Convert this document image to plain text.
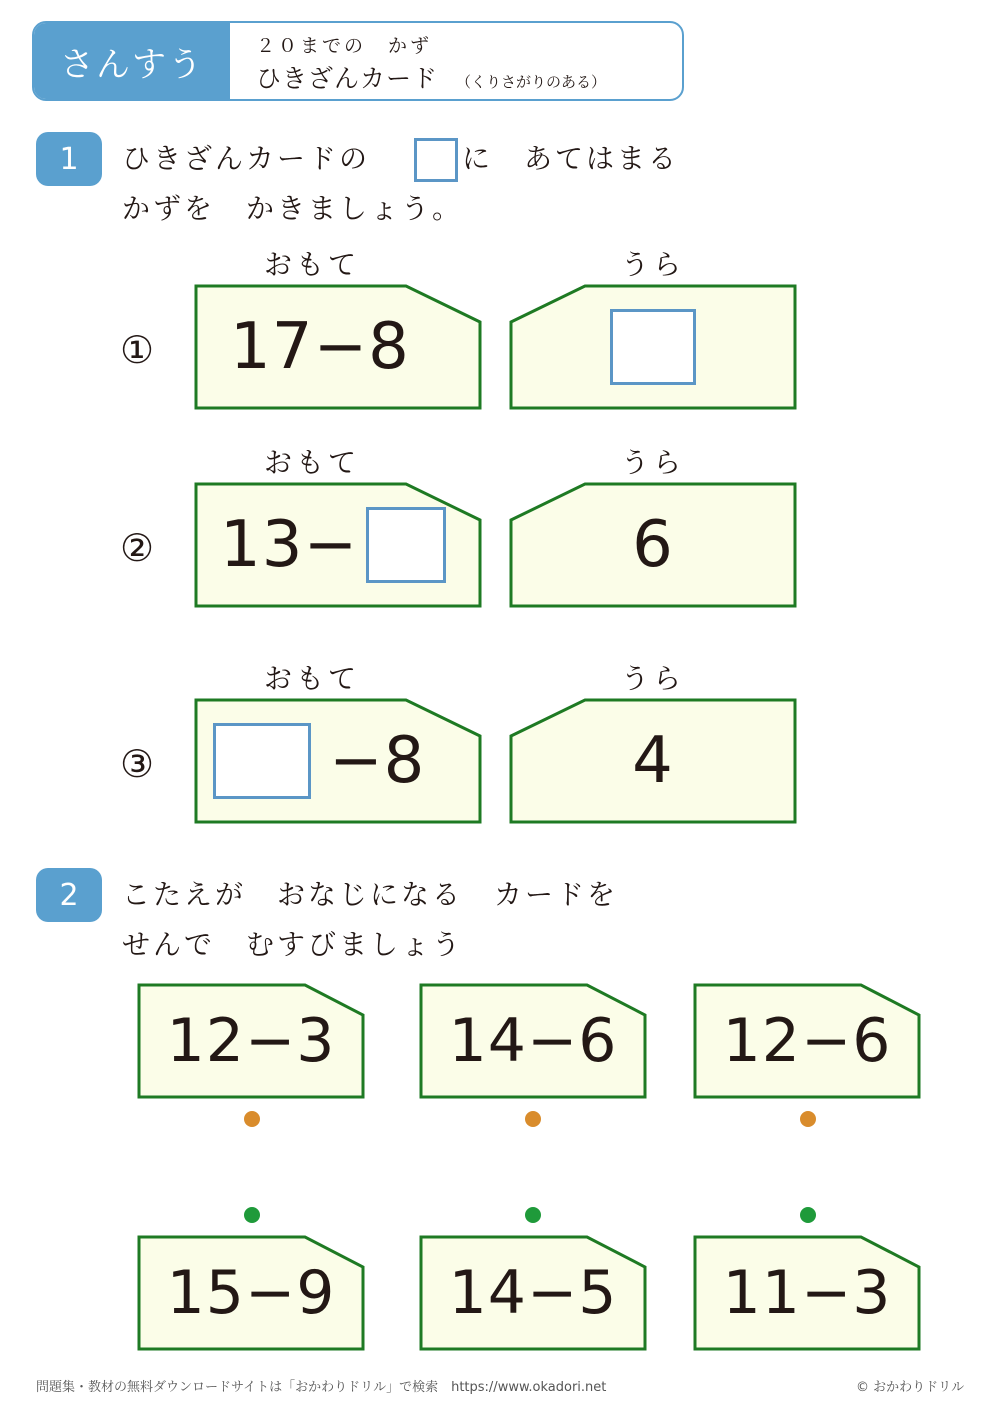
さんすう	２０までの　かず
ひきざんカード （くりさがりのある）
1	ひきざんカードの	に　あてはまる
かずを　かきましょう。
おもて	うら
①	17−8
おもて	うら
② 13−	6
おもて	うら
③	−8	4
2	こたえが　おなじになる　カードを
せんで　むすびましょう
12−3	14−6	12−6
15−9	14−5	11−3
問題集・教材の無料ダウンロードサイトは「おかわりドリル」で検索　https://www.okadori.net	© おかわりドリル
